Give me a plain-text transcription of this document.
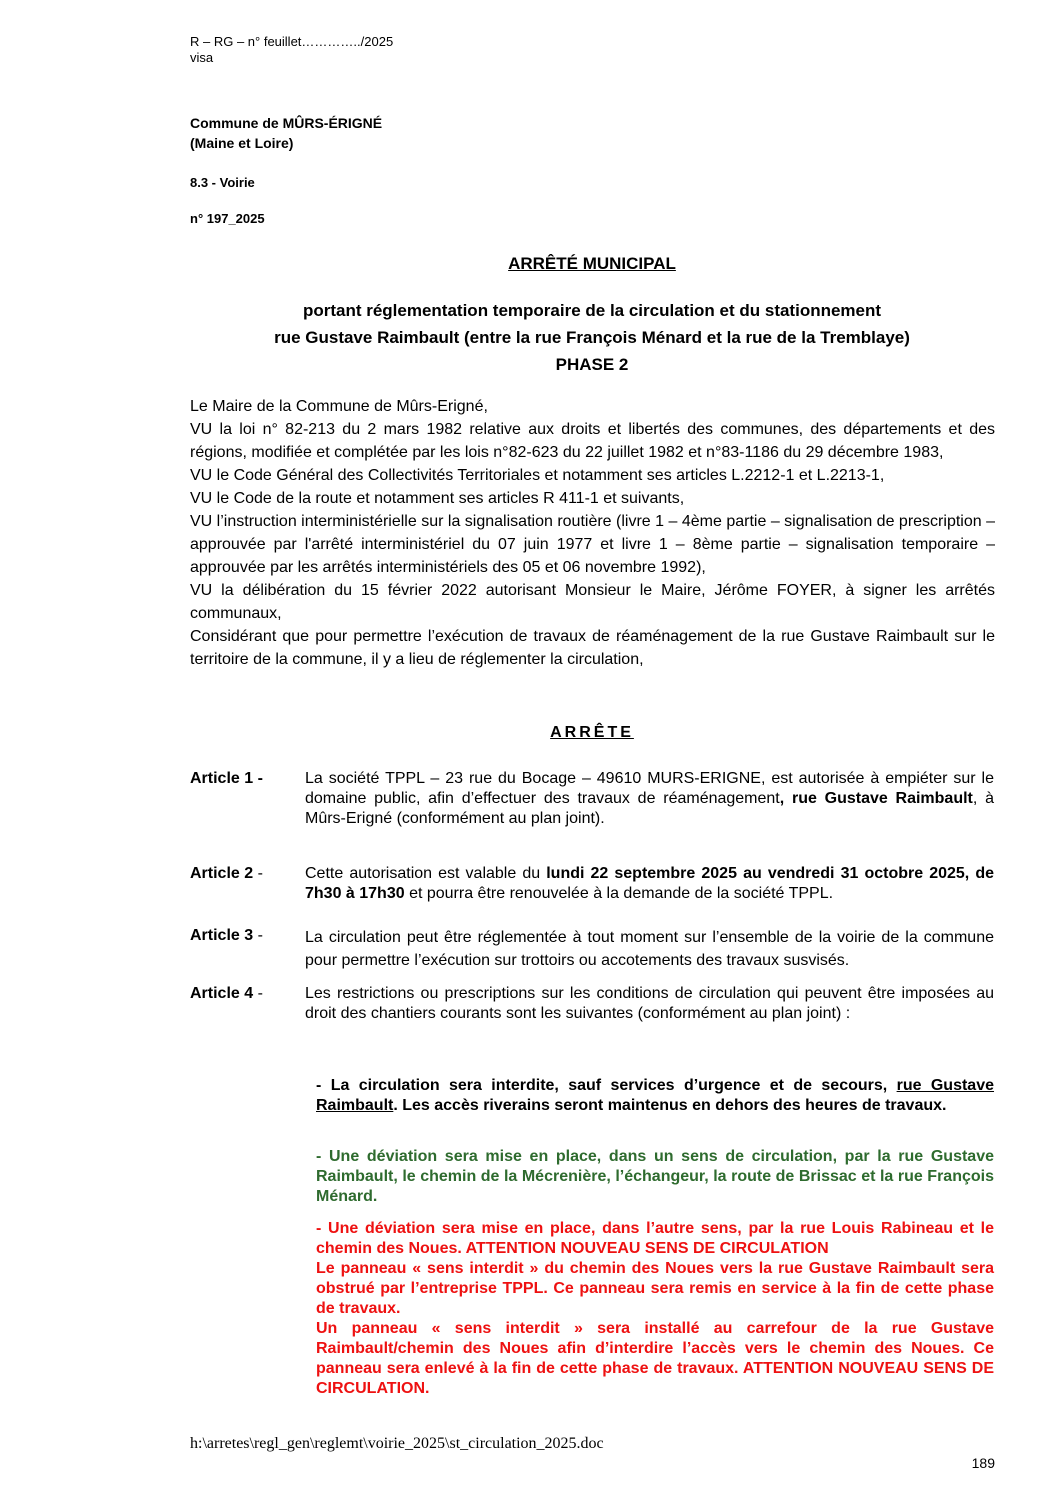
R – RG – n° feuillet…………../2025
visa
Commune de MÛRS-ÉRIGNÉ
(Maine et Loire)
8.3 - Voirie
n° 197_2025
ARRÊTÉ MUNICIPAL
portant réglementation temporaire de la circulation et du stationnement
rue Gustave Raimbault (entre la rue François Ménard et la rue de la Tremblaye)
PHASE 2

Le Maire de la Commune de Mûrs-Erigné,

VU la loi n° 82-213 du 2 mars 1982 relative aux droits et libertés des communes, des départements et des régions, modifiée et complétée par les lois n°82-623 du 22 juillet 1982 et n°83-1186 du 29 décembre 1983,

VU le Code Général des Collectivités Territoriales et notamment ses articles L.2212-1 et L.2213-1,

VU le Code de la route et notamment ses articles R 411-1 et suivants,

VU l’instruction interministérielle sur la signalisation routière (livre 1 – 4ème partie – signalisation de prescription – approuvée par l'arrêté interministériel du 07 juin 1977 et livre 1 – 8ème partie – signalisation temporaire – approuvée par les arrêtés interministériels des 05 et 06 novembre 1992),

VU la délibération du 15 février 2022 autorisant Monsieur le Maire, Jérôme FOYER, à signer les arrêtés communaux,

Considérant que pour permettre l’exécution de travaux de réaménagement de la rue Gustave Raimbault sur le territoire de la commune, il y a lieu de réglementer la circulation,

ARRÊTE
Article 1 -	La société TPPL – 23 rue du Bocage – 49610 MURS-ERIGNE, est autorisée à empiéter sur le domaine public, afin d’effectuer des travaux de réaménagement, rue Gustave Raimbault, à Mûrs-Erigné (conformément au plan joint).
Article 2 -	Cette autorisation est valable du lundi 22 septembre 2025 au vendredi 31 octobre 2025, de 7h30 à 17h30 et pourra être renouvelée à la demande de la société TPPL.
Article 3 -	La circulation peut être réglementée à tout moment sur l’ensemble de la voirie de la commune pour permettre l’exécution sur trottoirs ou accotements des travaux susvisés.
Article 4 -	Les restrictions ou prescriptions sur les conditions de circulation qui peuvent être imposées au droit des chantiers courants sont les suivantes (conformément au plan joint) :
- La circulation sera interdite, sauf services d’urgence et de secours, rue Gustave Raimbault. Les accès riverains seront maintenus en dehors des heures de travaux.
- Une déviation sera mise en place, dans un sens de circulation, par la rue Gustave Raimbault, le chemin de la Mécrenière, l’échangeur, la route de Brissac et la rue François Ménard.
- Une déviation sera mise en place, dans l’autre sens, par la rue Louis Rabineau et le chemin des Noues. ATTENTION NOUVEAU SENS DE CIRCULATION
Le panneau « sens interdit » du chemin des Noues vers la rue Gustave Raimbault sera obstrué par l’entreprise TPPL. Ce panneau sera remis en service à la fin de cette phase de travaux.
Un panneau « sens interdit » sera installé au carrefour de la rue Gustave Raimbault/chemin des Noues afin d’interdire l’accès vers le chemin des Noues. Ce panneau sera enlevé à la fin de cette phase de travaux. ATTENTION NOUVEAU SENS DE CIRCULATION.
h:\arretes\regl_gen\reglemt\voirie_2025\st_circulation_2025.doc
189
